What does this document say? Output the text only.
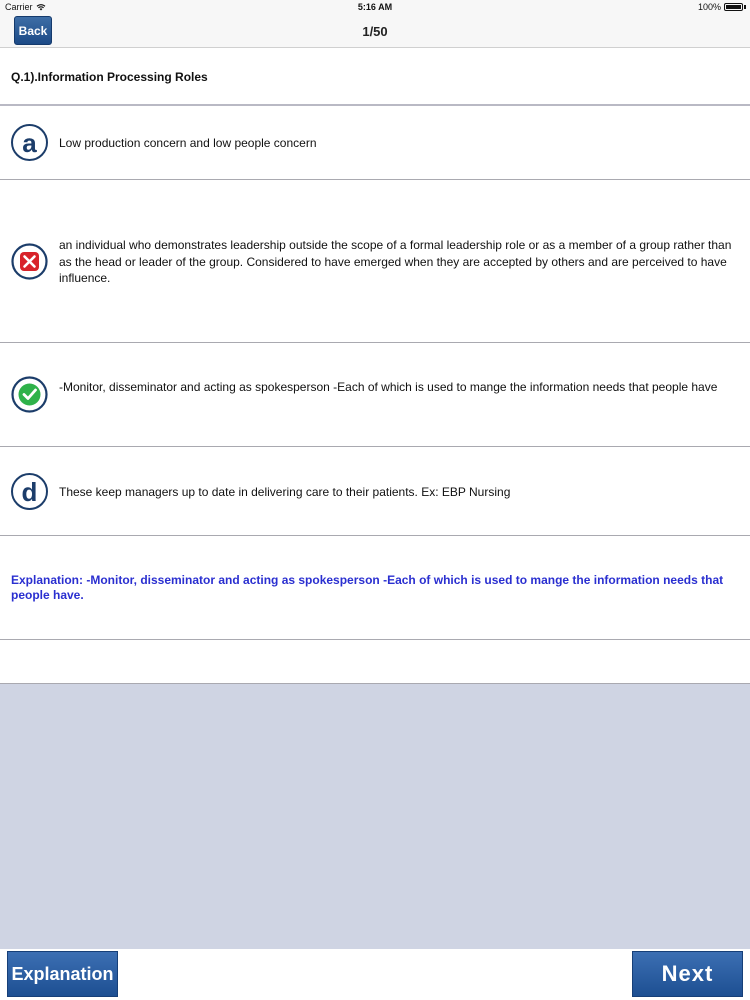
Carrier	5:16 AM	100%
Back	1/50
Q.1).Information Processing Roles
a	Low production concern and low people concern
an individual who demonstrates leadership outside the scope of a formal leadership role or as a member of a group rather than as the head or leader of the group. Considered to have emerged when they are accepted by others and are perceived to have influence.
-Monitor, disseminator and acting as spokesperson -Each of which is used to mange the information needs that people have
d	These keep managers up to date in delivering care to their patients. Ex: EBP Nursing
Explanation: -Monitor, disseminator and acting as spokesperson -Each of which is used to mange the information needs that people have.
Explanation	Next
